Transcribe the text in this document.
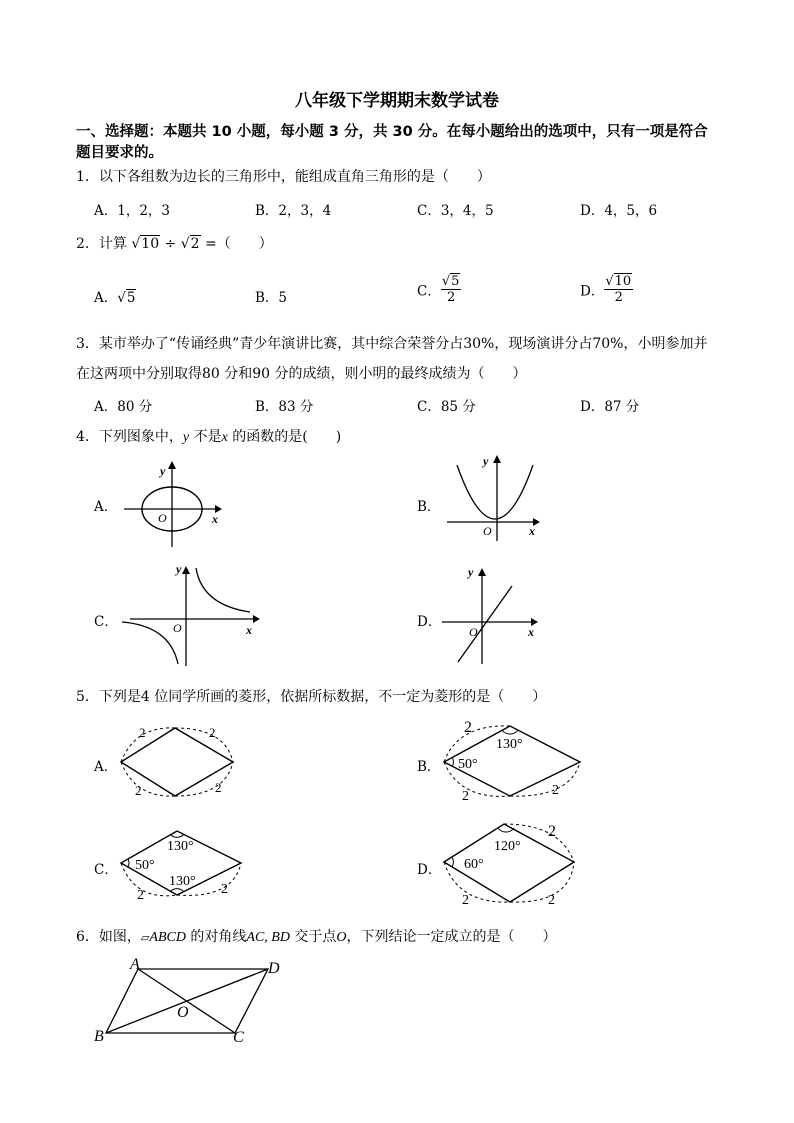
八年级下学期期末数学试卷
一、选择题：本题共 10 小题，每小题 3 分，共 30 分。在每小题给出的选项中，只有一项是符合
题目要求的。
1．以下各组数为边长的三角形中，能组成直角三角形的是（　　）
A．1，2，3	B．2，3，4	C．3，4，5	D．4，5，6
2．计算 √10 ÷ √2 =（　　）
A．√5	B．5	C． $\frac{√5}{2}$	D． $\frac{√10}{2}$
3．某市举办了“传诵经典”青少年演讲比赛，其中综合荣誉分占30%，现场演讲分占70%，小明参加并
在这两项中分别取得80 分和90 分的成绩，则小明的最终成绩为（　　）
A．80 分	B．83 分	C．85 分	D．87 分
4．下列图象中，y 不是x 的函数的是(　　)
A．
y
O	x
B．
y
O	x
C．
y
O	x	D．
y
O	x
5．下列是4 位同学所画的菱形，依据所标数据，不一定为菱形的是（　　）
A．
2	2
2	2
B．
2
130°
50°
2	2
C．
130°
50°
130°
2	2
D．
2
120°
60°
2	2
6．如图，▱ABCD 的对角线AC, BD 交于点O，下列结论一定成立的是（　　）
A
B	C
D
O
